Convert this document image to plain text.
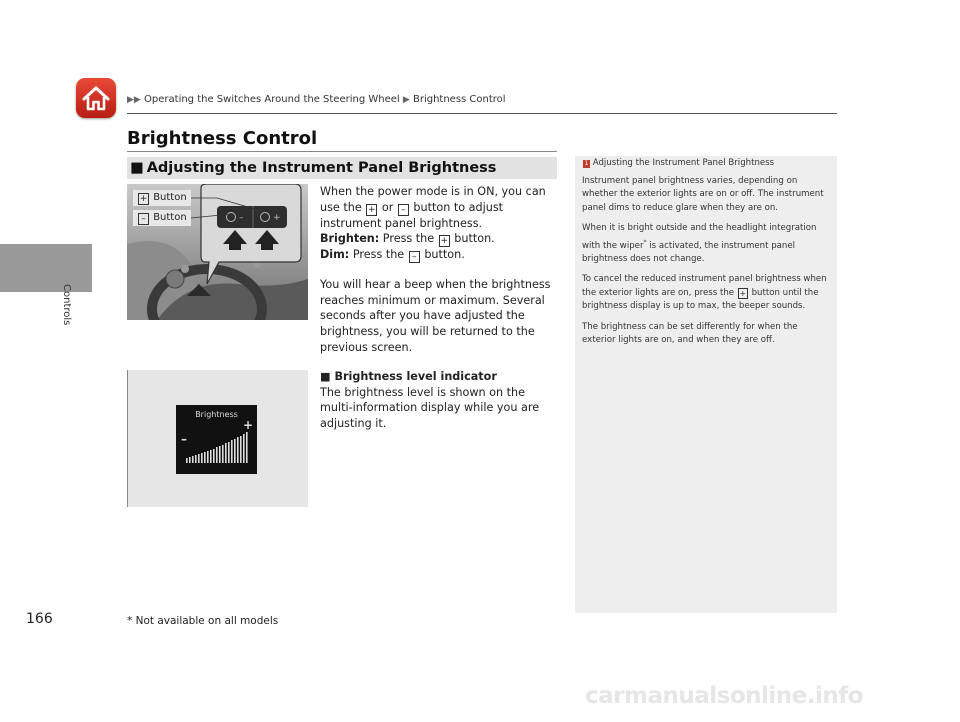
▶▶ Operating the Switches Around the Steering Wheel ▶ Brightness Control
Controls
166
Brightness Control
■ Adjusting the Instrument Panel Brightness
–	+
+ Button
– Button

When the power mode is in ON, you can use the + or – button to adjust instrument panel brightness.

Brighten: Press the + button.

Dim: Press the – button.

You will hear a beep when the brightness reaches minimum or maximum. Several seconds after you have adjusted the brightness, you will be returned to the previous screen.

■ Brightness level indicator

The brightness level is shown on the multi-information display while you are adjusting it.

Brightness
–
+
1 Adjusting the Instrument Panel Brightness

Instrument panel brightness varies, depending on whether the exterior lights are on or off. The instrument panel dims to reduce glare when they are on.

When it is bright outside and the headlight integration with the wiper* is activated, the instrument panel brightness does not change.

To cancel the reduced instrument panel brightness when the exterior lights are on, press the + button until the brightness display is up to max, the beeper sounds.

The brightness can be set differently for when the exterior lights are on, and when they are off.

* Not available on all models
carmanualsonline.info
